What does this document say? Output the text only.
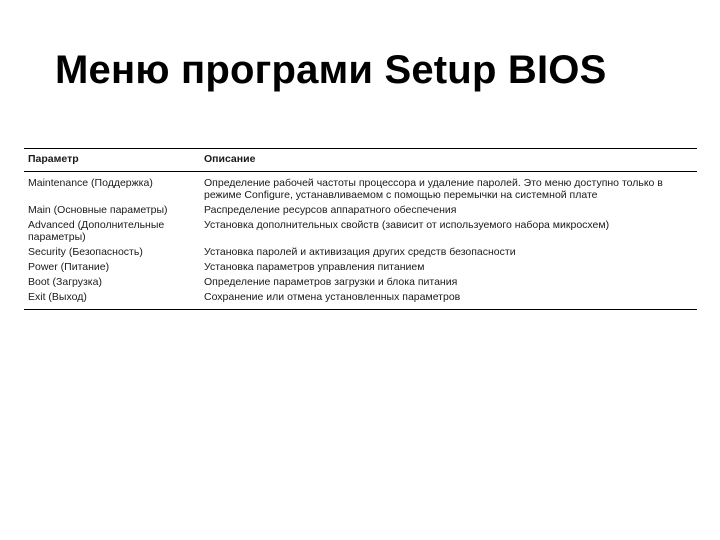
Меню програми Setup BIOS
Параметр	Описание
Maintenance (Поддержка)	Определение рабочей частоты процессора и удаление паролей. Это меню доступно только в режиме Configure, устанавливаемом с помощью перемычки на системной плате
Main (Основные параметры)	Распределение ресурсов аппаратного обеспечения
Advanced (Дополнительные параметры)	Установка дополнительных свойств (зависит от используемого набора микросхем)
Security (Безопасность)	Установка паролей и активизация других средств безопасности
Power (Питание)	Установка параметров управления питанием
Boot (Загрузка)	Определение параметров загрузки и блока питания
Exit (Выход)	Сохранение или отмена установленных параметров
